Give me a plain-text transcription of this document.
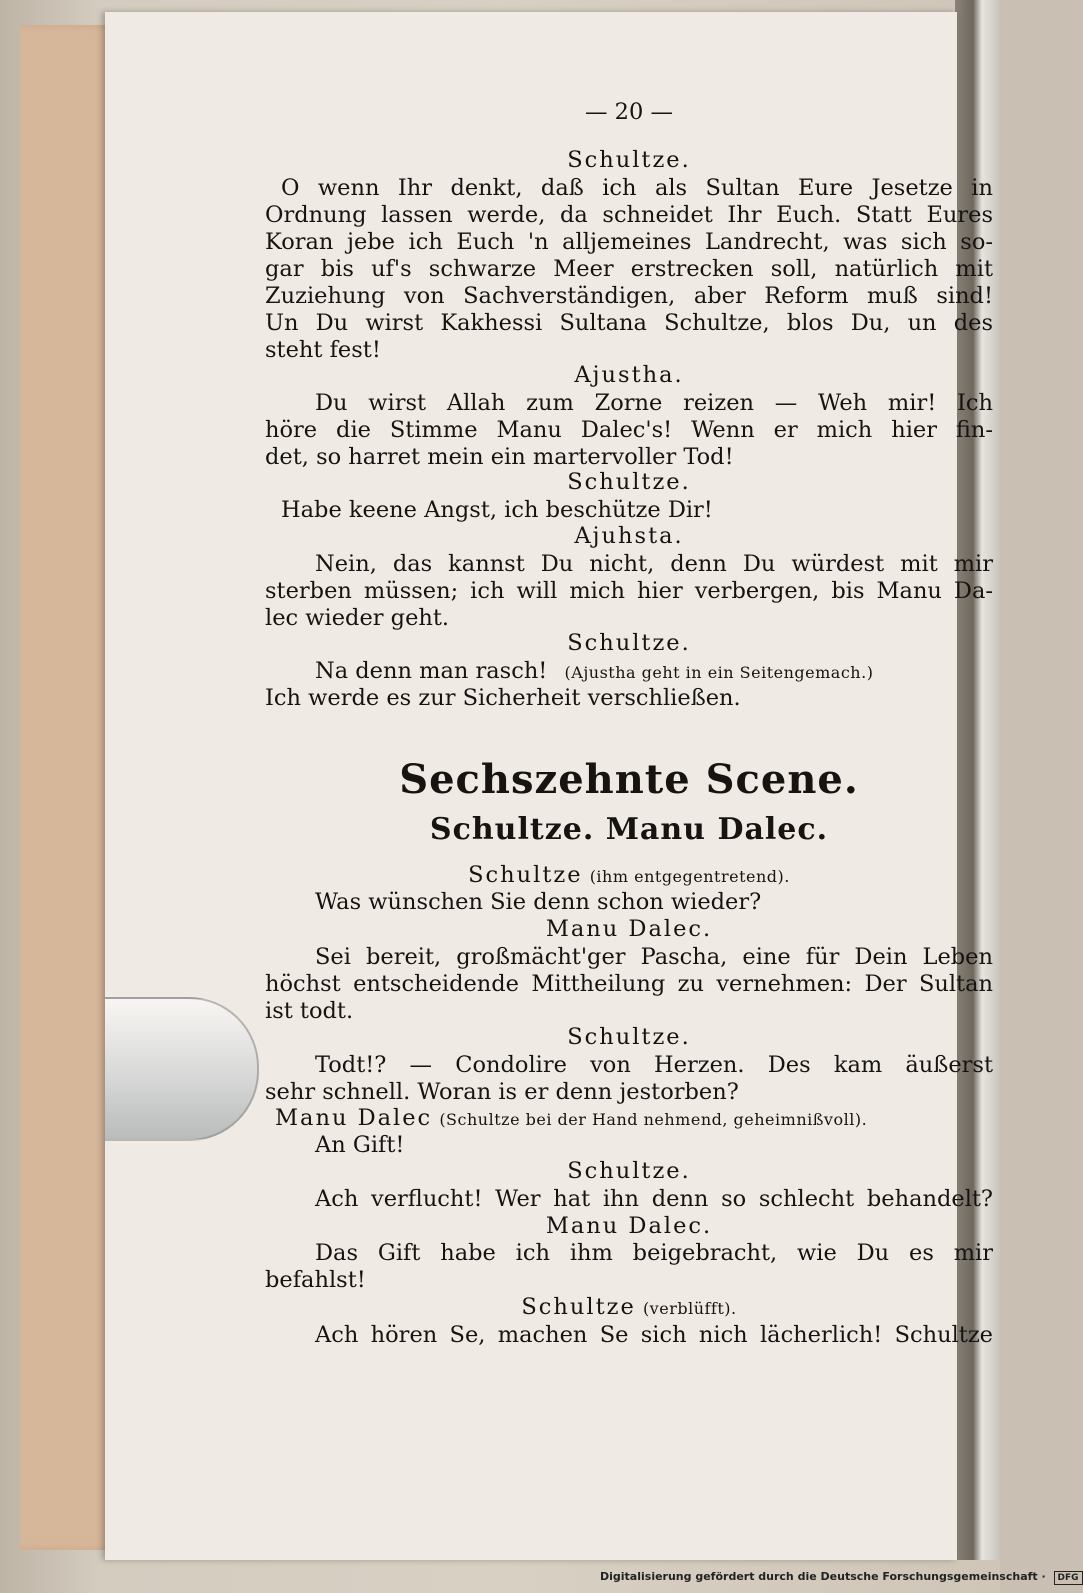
— 20 —
Schultze.
O wenn Ihr denkt, daß ich als Sultan Eure Jesetze in
Ordnung lassen werde, da schneidet Ihr Euch. Statt Eures
Koran jebe ich Euch 'n alljemeines Landrecht, was sich so-
gar bis uf's schwarze Meer erstrecken soll, natürlich mit
Zuziehung von Sachverständigen, aber Reform muß sind!
Un Du wirst Kakhessi Sultana Schultze, blos Du, un des
steht fest!
Ajustha.
Du wirst Allah zum Zorne reizen — Weh mir! Ich
höre die Stimme Manu Dalec's! Wenn er mich hier fin-
det, so harret mein ein martervoller Tod!
Schultze.
Habe keene Angst, ich beschütze Dir!
Ajuhsta.
Nein, das kannst Du nicht, denn Du würdest mit mir
sterben müssen; ich will mich hier verbergen, bis Manu Da-
lec wieder geht.
Schultze.
Na denn man rasch! (Ajustha geht in ein Seitengemach.)
Ich werde es zur Sicherheit verschließen.
Sechszehnte Scene.
Schultze. Manu Dalec.
Schultze (ihm entgegentretend).
Was wünschen Sie denn schon wieder?
Manu Dalec.
Sei bereit, großmächt'ger Pascha, eine für Dein Leben
höchst entscheidende Mittheilung zu vernehmen: Der Sultan
ist todt.
Schultze.
Todt!? — Condolire von Herzen. Des kam äußerst
sehr schnell. Woran is er denn jestorben?
Manu Dalec (Schultze bei der Hand nehmend, geheimnißvoll).
An Gift!
Schultze.
Ach verflucht! Wer hat ihn denn so schlecht behandelt?
Manu Dalec.
Das Gift habe ich ihm beigebracht, wie Du es mir
befahlst!
Schultze (verblüfft).
Ach hören Se, machen Se sich nich lächerlich! Schultze
Digitalisierung gefördert durch die Deutsche Forschungsgemeinschaft · DFG
